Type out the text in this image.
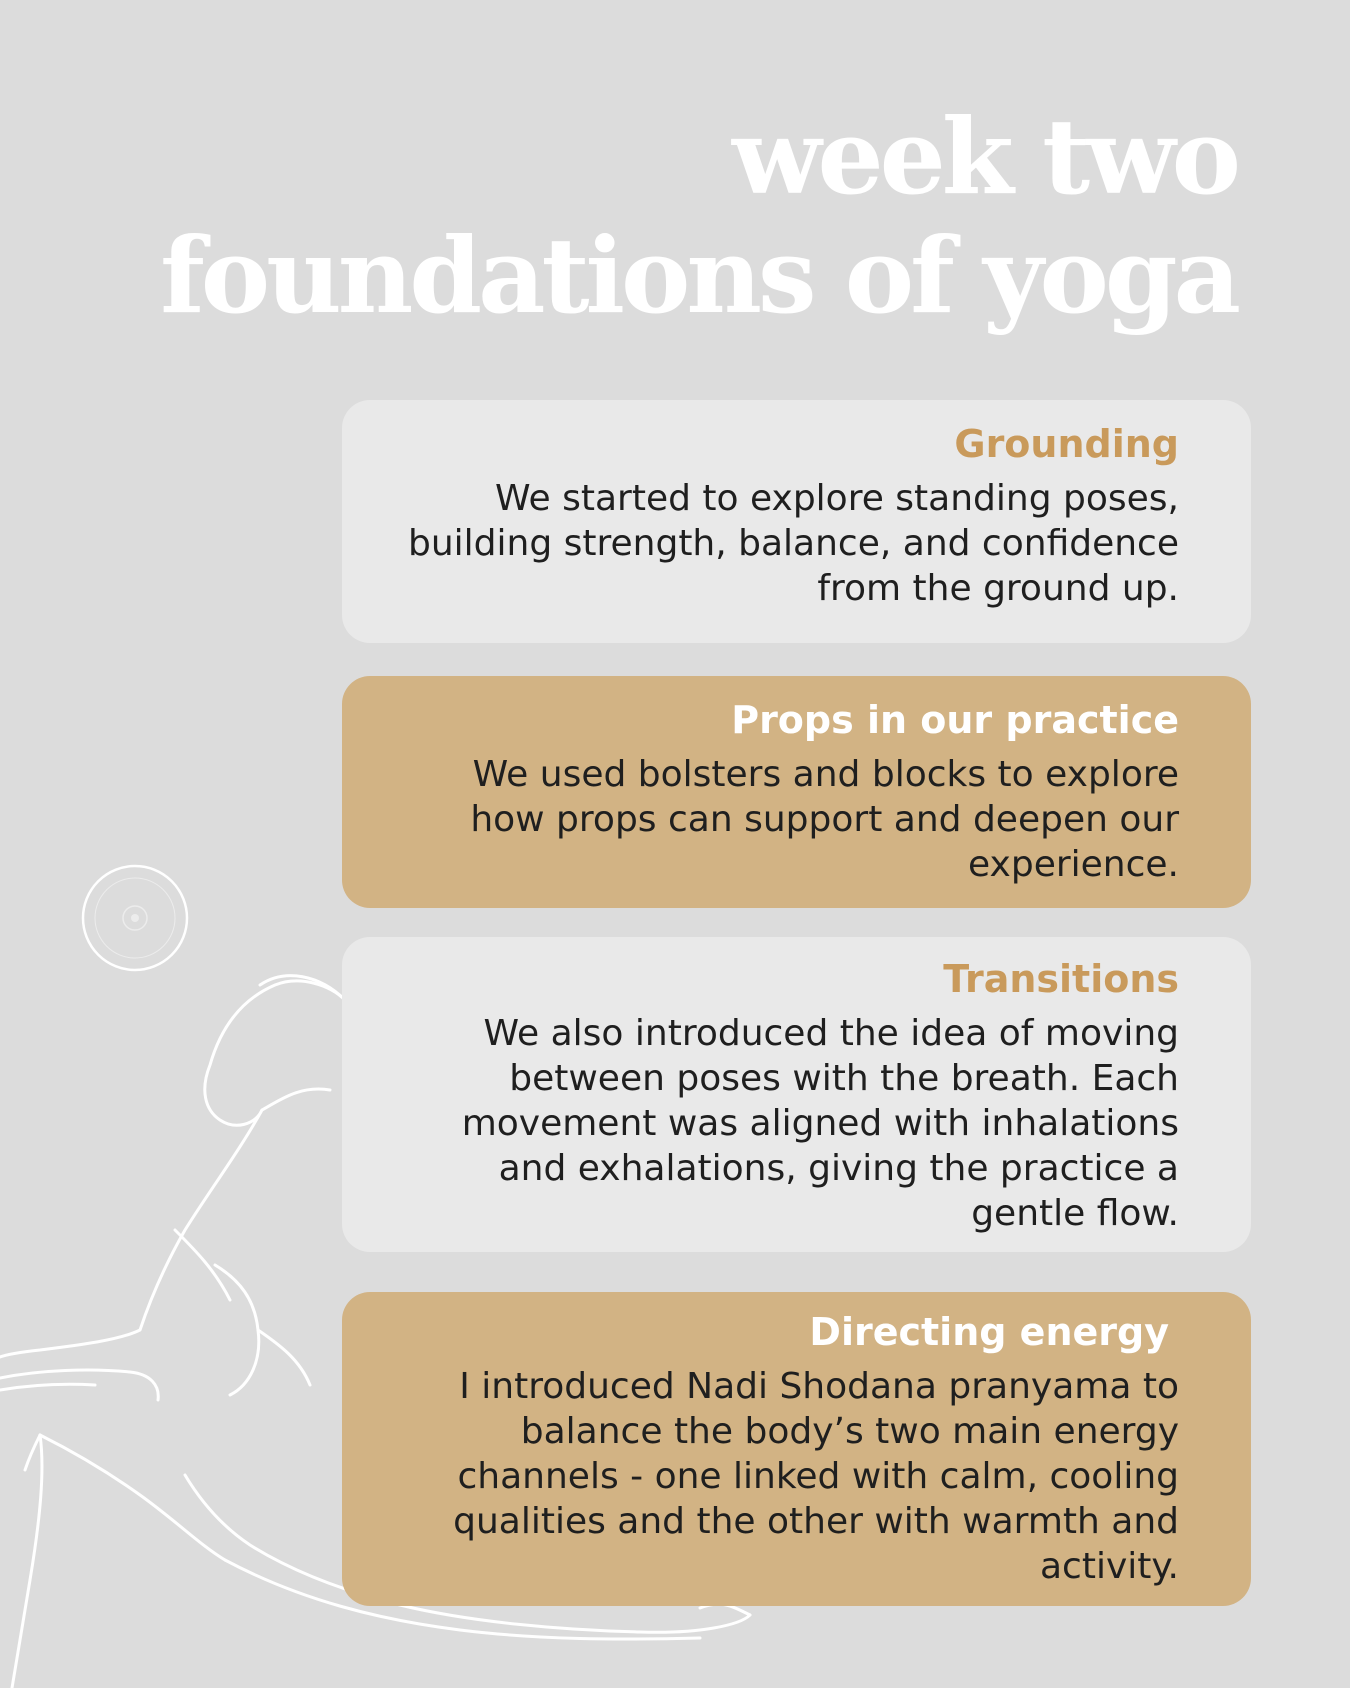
week two
foundations of yoga
Grounding

We started to explore standing poses, building strength, balance, and confidence from the ground up.

Props in our practice

We used bolsters and blocks to explore how props can support and deepen our experience.

Transitions

We also introduced the idea of moving between poses with the breath. Each movement was aligned with inhalations and exhalations, giving the practice a gentle flow.

Directing energy

I introduced Nadi Shodana pranyama to balance the body’s two main energy channels - one linked with calm, cooling qualities and the other with warmth and activity.
